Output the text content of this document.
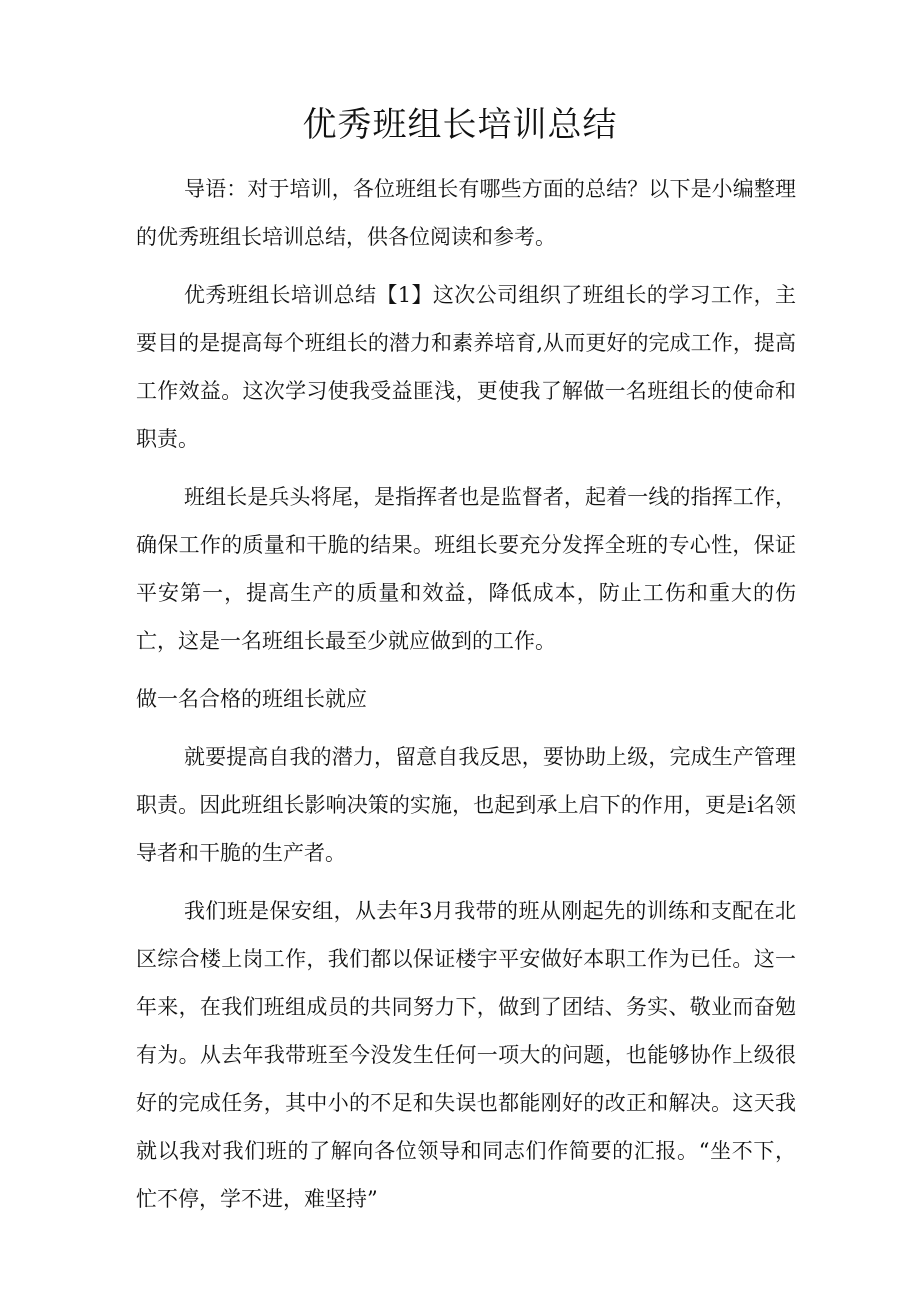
优秀班组长培训总结

导语：对于培训，各位班组长有哪些方面的总结？以下是小编整理的优秀班组长培训总结，供各位阅读和参考。

优秀班组长培训总结【1】这次公司组织了班组长的学习工作，主要目的是提高每个班组长的潜力和素养培育,从而更好的完成工作，提高工作效益。这次学习使我受益匪浅，更使我了解做一名班组长的使命和职责。

班组长是兵头将尾，是指挥者也是监督者，起着一线的指挥工作，确保工作的质量和干脆的结果。班组长要充分发挥全班的专心性，保证平安第一，提高生产的质量和效益，降低成本，防止工伤和重大的伤亡，这是一名班组长最至少就应做到的工作。

做一名合格的班组长就应

就要提高自我的潜力，留意自我反思，要协助上级，完成生产管理职责。因此班组长影响决策的实施，也起到承上启下的作用，更是i名领导者和干脆的生产者。

我们班是保安组，从去年3月我带的班从刚起先的训练和支配在北区综合楼上岗工作，我们都以保证楼宇平安做好本职工作为已任。这一年来，在我们班组成员的共同努力下，做到了团结、务实、敬业而奋勉有为。从去年我带班至今没发生任何一项大的问题，也能够协作上级很好的完成任务，其中小的不足和失误也都能刚好的改正和解决。这天我就以我对我们班的了解向各位领导和同志们作简要的汇报。“坐不下，忙不停，学不进，难坚持”
